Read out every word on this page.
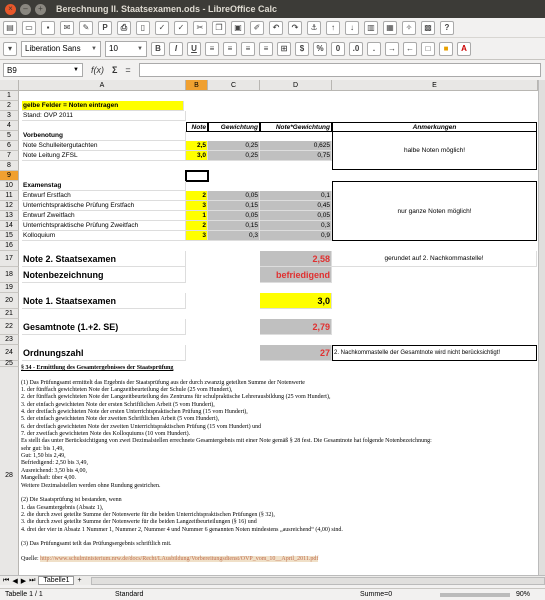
×	–	+	Berechnung II. Staatsexamen.ods - LibreOffice Calc
▤	▭	▪	✉	✎	P	⎙	▯	✓	✓	✂	❐	▣	✐	↶	↷	⚓	↑	↓	▥	▦	✧	▩	?
▾	Liberation Sans ▼ 10	▼	B	I	U	≡	≡	≡	≡	⊞	$	%	0	.0	.	→	←	□	■	A
B9	▼ f(x) Σ =
A	B	C	D	E
1
2
3
4
5
6
7
8
9
10
11
12
13
14
15
16
17
18
19
20
21
22
23
24
25
28
gelbe Felder = Noten eintragen
Stand: OVP 2011
Note	Gewichtung	Note*Gewichtung	Anmerkungen
Vorbenotung
Note Schulleitergutachten	2,5	0,25	0,625
Note Leitung ZFSL	3,0	0,25	0,75
halbe Noten möglich!
Examenstag
Entwurf Erstfach	2	0,05	0,1
Unterrichtspraktische Prüfung Erstfach	3	0,15	0,45
Entwurf Zweitfach	1	0,05	0,05
Unterrichtspraktische Prüfung Zweitfach	2	0,15	0,3
Kolloquium	3	0,3	0,9
nur ganze Noten möglich!
Note 2. Staatsexamen	2,58	gerundet auf 2. Nachkommastelle!
Notenbezeichnung	befriedigend
Note 1. Staatsexamen	3,0
Gesamtnote (1.+2. SE)	2,79
Ordnungszahl	27 2. Nachkommastelle der Gesamtnote wird nicht berücksichtigt!
§ 34 - Ermittlung des Gesamtergebnisses der Staatsprüfung

(1) Das Prüfungsamt ermittelt das Ergebnis der Staatsprüfung aus der durch zwanzig geteilten Summe der Notenwerte
1. der fünffach gewichteten Note der Langzeitbeurteilung der Schule (25 vom Hundert),
2. der fünffach gewichteten Note der Langzeitbeurteilung des Zentrums für schulpraktische Lehrerausbildung (25 vom Hundert),
3. der einfach gewichteten Note der ersten Schriftlichen Arbeit (5 vom Hundert),
4. der dreifach gewichteten Note der ersten Unterrichtspraktischen Prüfung (15 vom Hundert),
5. der einfach gewichteten Note der zweiten Schriftlichen Arbeit (5 vom Hundert),
6. der dreifach gewichteten Note der zweiten Unterrichtspraktischen Prüfung (15 vom Hundert) und
7. der zweifach gewichteten Note des Kolloquiums (10 vom Hundert).
Es stellt das unter Berücksichtigung von zwei Dezimalstellen errechnete Gesamtergebnis mit einer Note gemäß § 28 fest. Die Gesamtnote hat folgende Notenbezeichnung:
sehr gut: bis 1,49,
Gut: 1,50 bis 2,49,
Befriedigend: 2,50 bis 3,49,
Ausreichend: 3,50 bis 4,00,
Mangelhaft: über 4,00.
Weitere Dezimalstellen werden ohne Rundung gestrichen.

(2) Die Staatsprüfung ist bestanden, wenn
1. das Gesamtergebnis (Absatz 1),
2. die durch zwei geteilte Summe der Notenwerte für die beiden Unterrichtspraktischen Prüfungen (§ 32),
3. die durch zwei geteilte Summe der Notenwerte für die beiden Langzeitbeurteilungen (§ 16) und
4. drei der vier in Absatz 1 Nummer 1, Nummer 2, Nummer 4 und Nummer 6 genannten Noten mindestens „ausreichend“ (4,00) sind.

(3) Das Prüfungsamt teilt das Prüfungsergebnis schriftlich mit.

Quelle: http://www.schulministerium.nrw.de/docs/Recht/LAusbildung/Vorbereitungsdienst/OVP_vom_10__April_2011.pdf
⏮ ◀ ▶ ⏭	Tabelle1	+
Tabelle 1 / 1	Standard	Summe=0	90%
